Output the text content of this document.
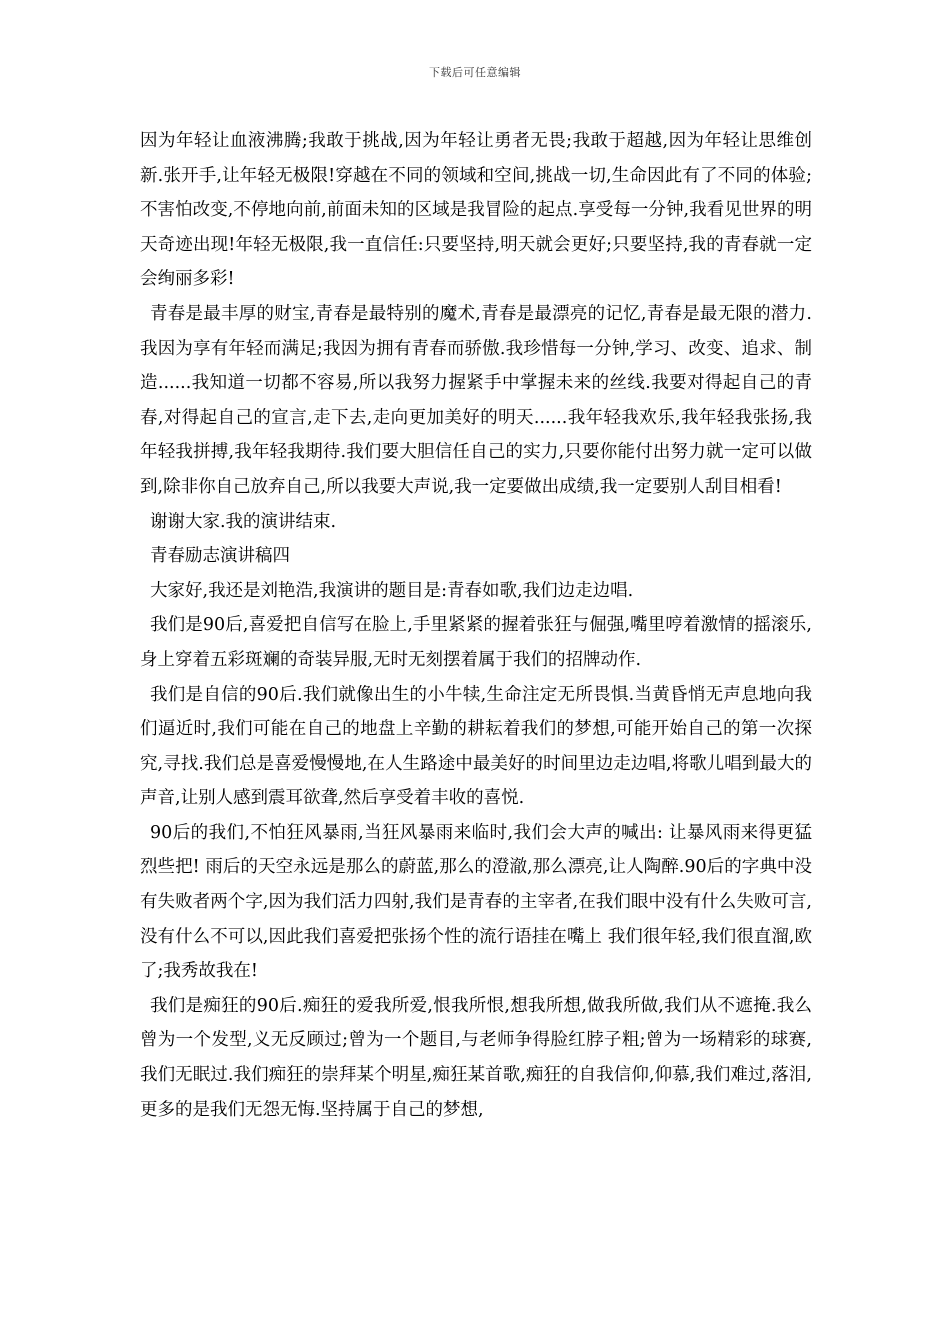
下载后可任意编辑

因为年轻让血液沸腾;我敢于挑战,因为年轻让勇者无畏;我敢于超越,因为年轻让思维创新.张开手,让年轻无极限!穿越在不同的领域和空间,挑战一切,生命因此有了不同的体验;不害怕改变,不停地向前,前面未知的区域是我冒险的起点.享受每一分钟,我看见世界的明天奇迹出现!年轻无极限,我一直信任:只要坚持,明天就会更好;只要坚持,我的青春就一定会绚丽多彩!

青春是最丰厚的财宝,青春是最特别的魔术,青春是最漂亮的记忆,青春是最无限的潜力.我因为享有年轻而满足;我因为拥有青春而骄傲.我珍惜每一分钟,学习、改变、追求、制造......我知道一切都不容易,所以我努力握紧手中掌握未来的丝线.我要对得起自己的青春,对得起自己的宣言,走下去,走向更加美好的明天......我年轻我欢乐,我年轻我张扬,我年轻我拼搏,我年轻我期待.我们要大胆信任自己的实力,只要你能付出努力就一定可以做到,除非你自己放弃自己,所以我要大声说,我一定要做出成绩,我一定要别人刮目相看!

谢谢大家.我的演讲结束.

青春励志演讲稿四

大家好,我还是刘艳浩,我演讲的题目是:青春如歌,我们边走边唱.

我们是90后,喜爱把自信写在脸上,手里紧紧的握着张狂与倔强,嘴里哼着激情的摇滚乐,身上穿着五彩斑斓的奇装异服,无时无刻摆着属于我们的招牌动作.

我们是自信的90后.我们就像出生的小牛犊,生命注定无所畏惧.当黄昏悄无声息地向我们逼近时,我们可能在自己的地盘上辛勤的耕耘着我们的梦想,可能开始自己的第一次探究,寻找.我们总是喜爱慢慢地,在人生路途中最美好的时间里边走边唱,将歌儿唱到最大的声音,让别人感到震耳欲聋,然后享受着丰收的喜悦.

90后的我们,不怕狂风暴雨,当狂风暴雨来临时,我们会大声的喊出: 让暴风雨来得更猛烈些把! 雨后的天空永远是那么的蔚蓝,那么的澄澈,那么漂亮,让人陶醉.90后的字典中没有失败者两个字,因为我们活力四射,我们是青春的主宰者,在我们眼中没有什么失败可言,没有什么不可以,因此我们喜爱把张扬个性的流行语挂在嘴上 我们很年轻,我们很直溜,欧了;我秀故我在!

我们是痴狂的90后.痴狂的爱我所爱,恨我所恨,想我所想,做我所做,我们从不遮掩.我么曾为一个发型,义无反顾过;曾为一个题目,与老师争得脸红脖子粗;曾为一场精彩的球赛,我们无眠过.我们痴狂的崇拜某个明星,痴狂某首歌,痴狂的自我信仰,仰慕,我们难过,落泪,更多的是我们无怨无悔.坚持属于自己的梦想,
